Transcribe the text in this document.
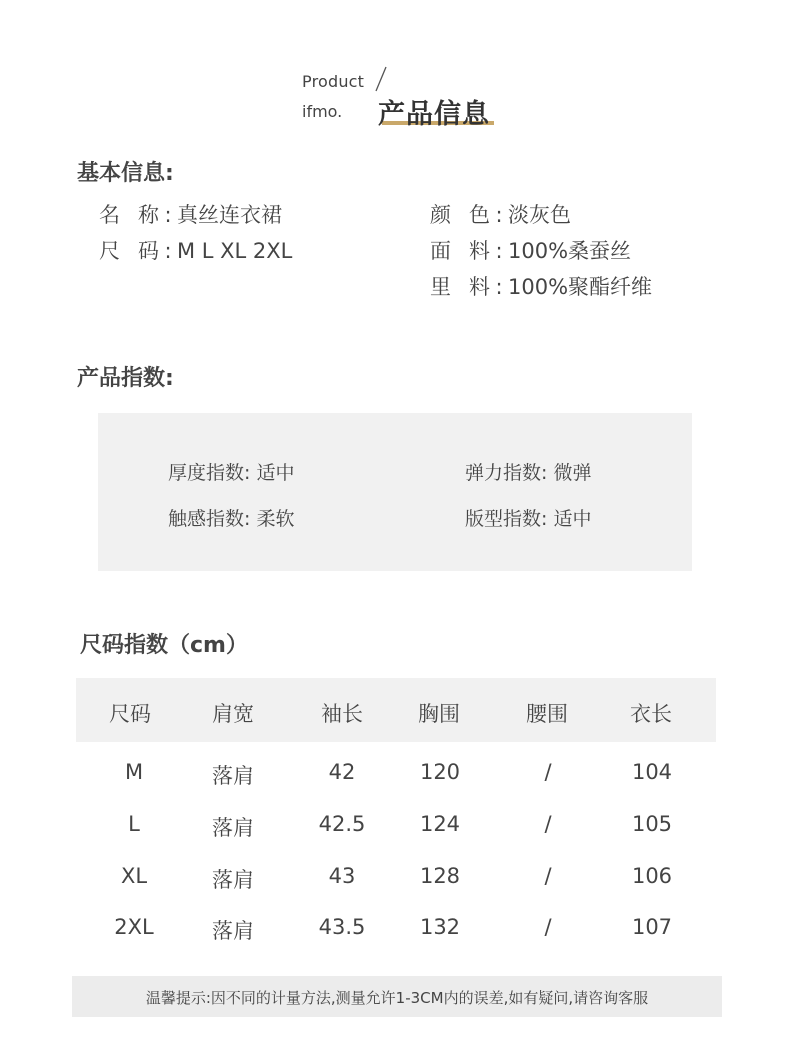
Product
ifmo. 产品信息
基本信息:
名 称 : 真丝连衣裙
尺 码 : M L XL 2XL
颜 色 : 淡灰色
面 料 : 100%桑蚕丝
里 料 : 100%聚酯纤维
产品指数:
厚度指数: 适中	弹力指数: 微弹
触感指数: 柔软	版型指数: 适中
尺码指数（cm）
尺码	肩宽	袖长	胸围	腰围	衣长
M	落肩	42	120	/	104
L	落肩	42.5	124	/	105
XL	落肩	43	128	/	106
2XL	落肩	43.5	132	/	107
温馨提示:因不同的计量方法,测量允许1-3CM内的误差,如有疑问,请咨询客服
